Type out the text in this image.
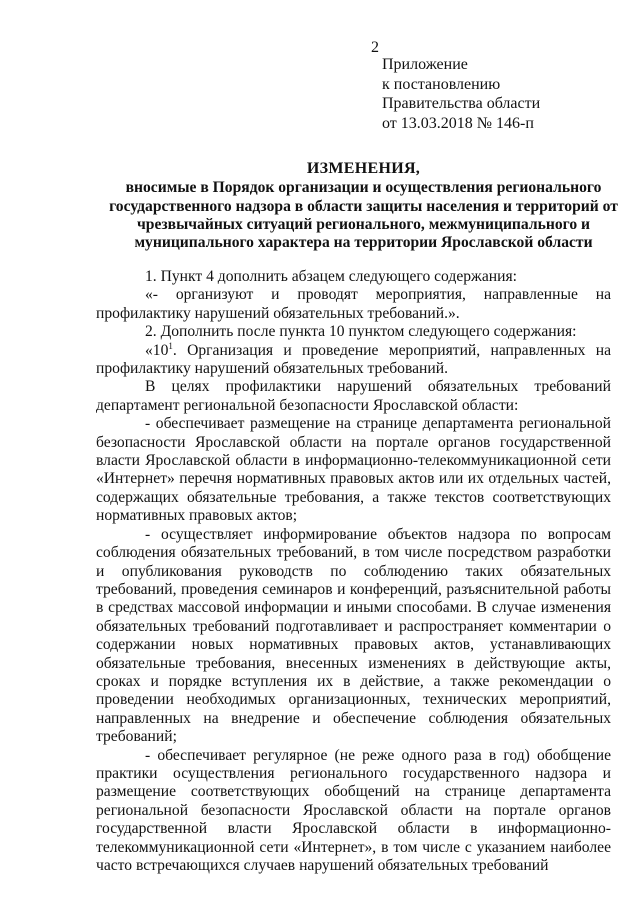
2
Приложение
к постановлению
Правительства области
от 13.03.2018 № 146-п
ИЗМЕНЕНИЯ,
вносимые в Порядок организации и осуществления регионального государственного надзора в области защиты населения и территорий от чрезвычайных ситуаций регионального, межмуниципального и муниципального характера на территории Ярославской области

1. Пункт 4 дополнить абзацем следующего содержания:

«- организуют и проводят мероприятия, направленные на профилактику нарушений обязательных требований.».

2. Дополнить после пункта 10 пунктом следующего содержания:

«$10^1$. Организация и проведение мероприятий, направленных на профилактику нарушений обязательных требований.

В целях профилактики нарушений обязательных требований департамент региональной безопасности Ярославской области:

- обеспечивает размещение на странице департамента региональной безопасности Ярославской области на портале органов государственной власти Ярославской области в информационно-телекоммуникационной сети «Интернет» перечня нормативных правовых актов или их отдельных частей, содержащих обязательные требования, а также текстов соответствующих нормативных правовых актов;

- осуществляет информирование объектов надзора по вопросам соблюдения обязательных требований, в том числе посредством разработки и опубликования руководств по соблюдению таких обязательных требований, проведения семинаров и конференций, разъяснительной работы в средствах массовой информации и иными способами. В случае изменения обязательных требований подготавливает и распространяет комментарии о содержании новых нормативных правовых актов, устанавливающих обязательные требования, внесенных изменениях в действующие акты, сроках и порядке вступления их в действие, а также рекомендации о проведении необходимых организационных, технических мероприятий, направленных на внедрение и обеспечение соблюдения обязательных требований;

- обеспечивает регулярное (не реже одного раза в год) обобщение практики осуществления регионального государственного надзора и размещение соответствующих обобщений на странице департамента региональной безопасности Ярославской области на портале органов государственной власти Ярославской области в информационно-телекоммуникационной сети «Интернет», в том числе с указанием наиболее часто встречающихся случаев нарушений обязательных требований
